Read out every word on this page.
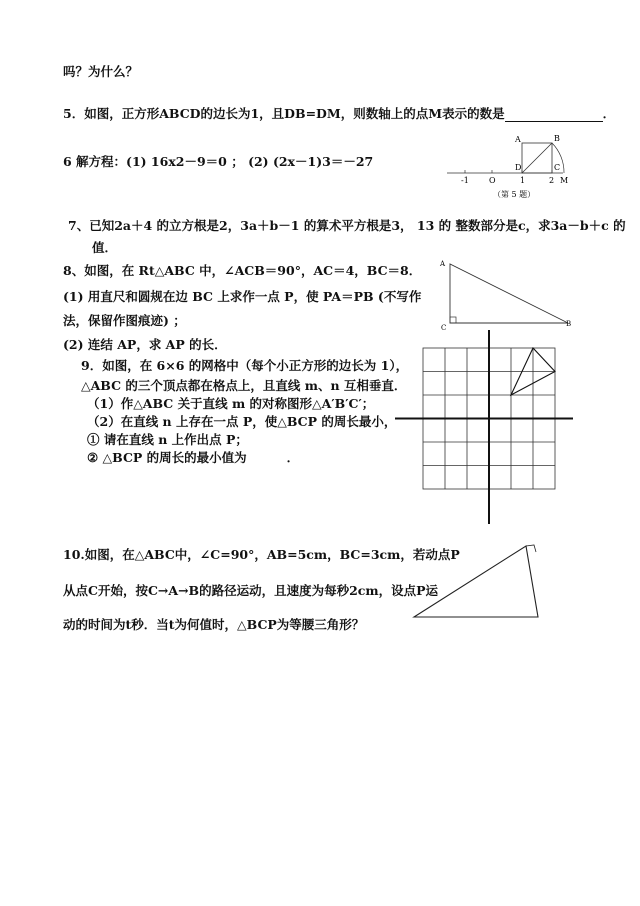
吗？为什么？
5．如图，正方形ABCD的边长为1，且DB=DM，则数轴上的点M表示的数是	．
A	B
D	C
-1	O	1	2 M
（第 5 题）
6 解方程：(1) 16x2－9＝0 ； (2) (2x－1)3＝－27
7、已知2a＋4 的立方根是2，3a＋b－1 的算术平方根是3， 13 的 整数部分是c，求3a－b＋c 的
值．
8、如图，在 Rt△ABC 中，∠ACB＝90°，AC＝4，BC＝8．
(1) 用直尺和圆规在边 BC 上求作一点 P，使 PA＝PB (不写作
法，保留作图痕迹) ；
(2) 连结 AP，求 AP 的长．
A
C	B
9．如图，在 6×6 的网格中（每个小正方形的边长为 1），
△ABC 的三个顶点都在格点上，且直线 m、n 互相垂直．
（1）作△ABC 关于直线 m 的对称图形△A′B′C′；
（2）在直线 n 上存在一点 P，使△BCP 的周长最小，
① 请在直线 n 上作出点 P；
② △BCP 的周长的最小值为	．
10.如图，在△ABC中，∠C=90°，AB=5cm，BC=3cm，若动点P
从点C开始，按C→A→B的路径运动，且速度为每秒2cm，设点P运
动的时间为t秒．当t为何值时，△BCP为等腰三角形？
